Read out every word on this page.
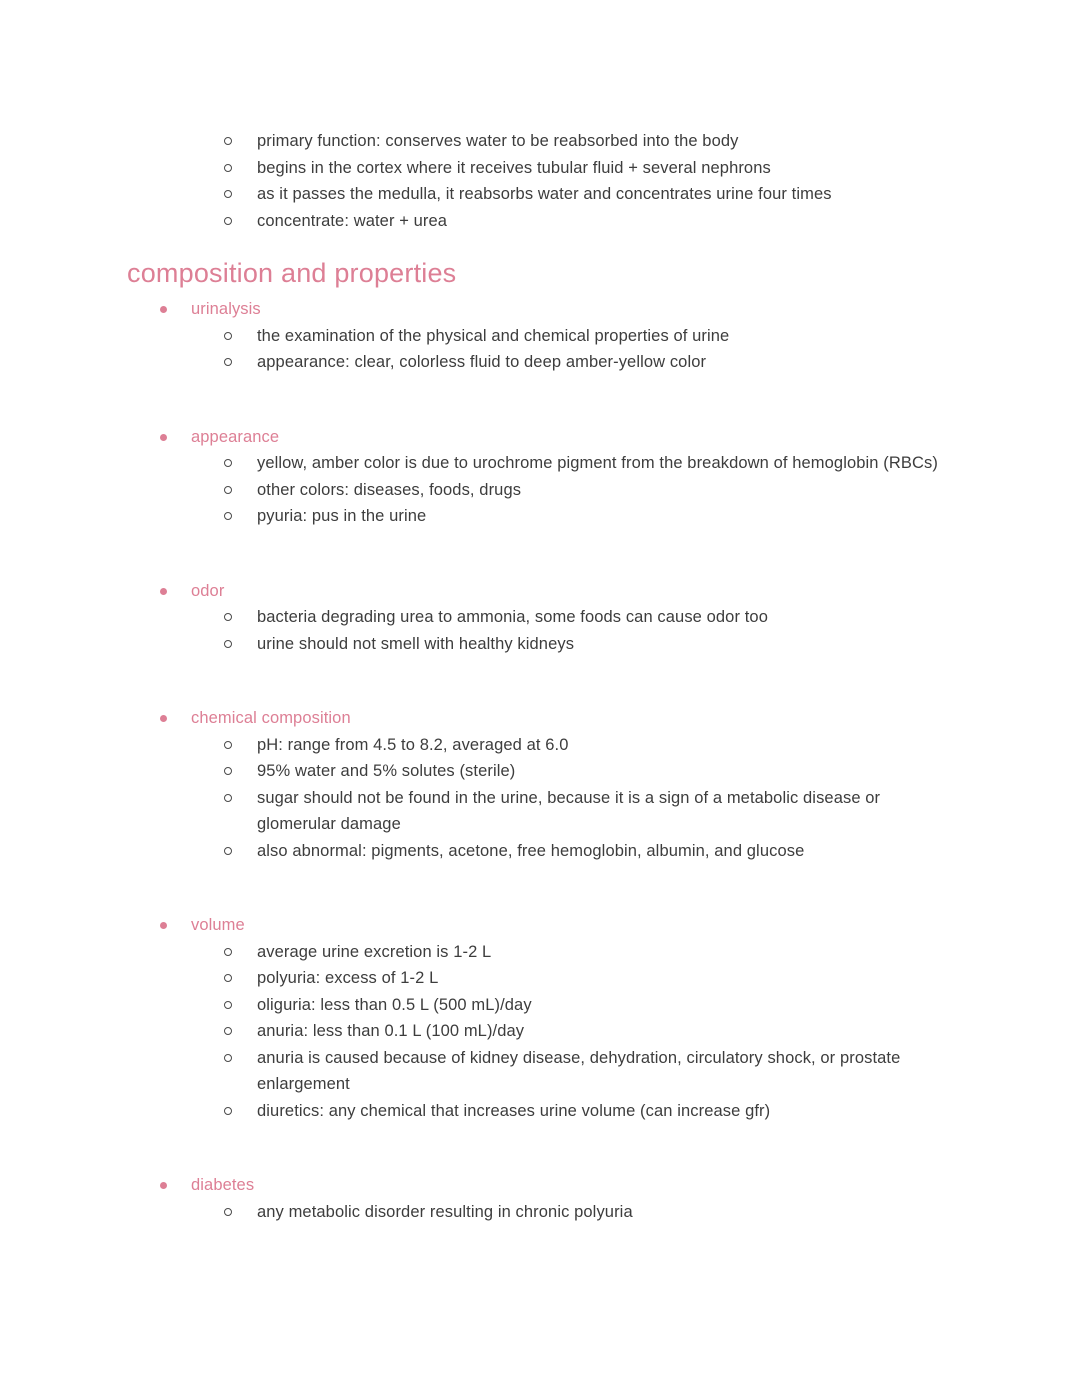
primary function: conserves water to be reabsorbed into the body
begins in the cortex where it receives tubular fluid + several nephrons
as it passes the medulla, it reabsorbs water and concentrates urine four times
concentrate: water + urea
composition and properties
urinalysis
the examination of the physical and chemical properties of urine
appearance: clear, colorless fluid to deep amber-yellow color
appearance
yellow, amber color is due to urochrome pigment from the breakdown of hemoglobin (RBCs)
other colors: diseases, foods, drugs
pyuria: pus in the urine
odor
bacteria degrading urea to ammonia, some foods can cause odor too
urine should not smell with healthy kidneys
chemical composition
pH: range from 4.5 to 8.2, averaged at 6.0
95% water and 5% solutes (sterile)
sugar should not be found in the urine, because it is a sign of a metabolic disease or glomerular damage
also abnormal: pigments, acetone, free hemoglobin, albumin, and glucose
volume
average urine excretion is 1-2 L
polyuria: excess of 1-2 L
oliguria: less than 0.5 L (500 mL)/day
anuria: less than 0.1 L (100 mL)/day
anuria is caused because of kidney disease, dehydration, circulatory shock, or prostate enlargement
diuretics: any chemical that increases urine volume (can increase gfr)
diabetes
any metabolic disorder resulting in chronic polyuria
